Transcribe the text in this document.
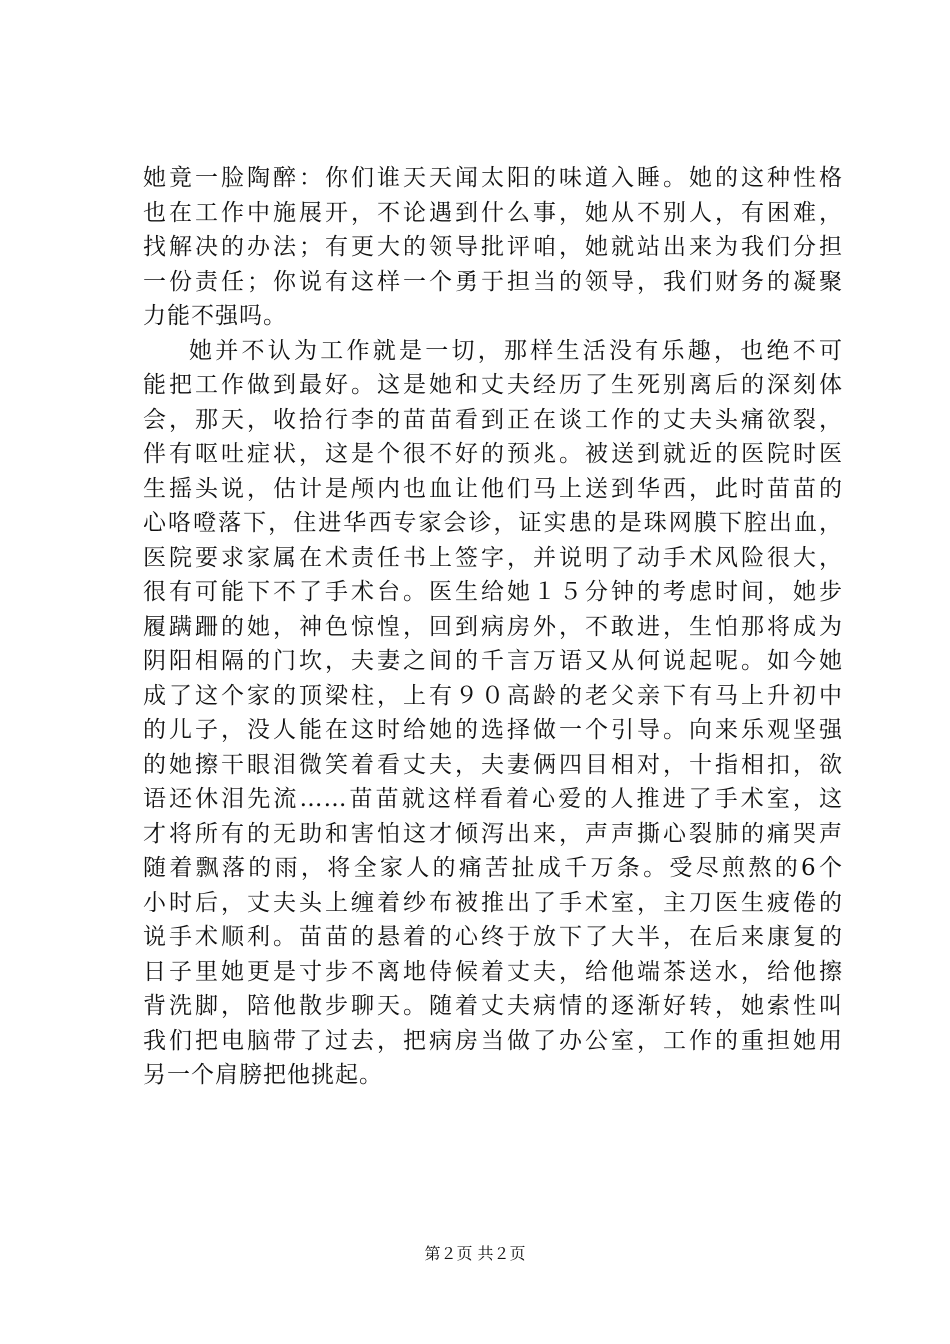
她竟一脸陶醉：你们谁天天闻太阳的味道入睡。她的这种性格
也在工作中施展开，不论遇到什么事，她从不别人，有困难，
找解决的办法；有更大的领导批评咱，她就站出来为我们分担
一份责任；你说有这样一个勇于担当的领导，我们财务的凝聚
力能不强吗。
她并不认为工作就是一切，那样生活没有乐趣，也绝不可
能把工作做到最好。这是她和丈夫经历了生死别离后的深刻体
会，那天，收拾行李的苗苗看到正在谈工作的丈夫头痛欲裂，
伴有呕吐症状，这是个很不好的预兆。被送到就近的医院时医
生摇头说，估计是颅内也血让他们马上送到华西，此时苗苗的
心咯噔落下，住进华西专家会诊，证实患的是珠网膜下腔出血，
医院要求家属在术责任书上签字，并说明了动手术风险很大，
很有可能下不了手术台。医生给她１５分钟的考虑时间，她步
履蹒跚的她，神色惊惶，回到病房外，不敢进，生怕那将成为
阴阳相隔的门坎，夫妻之间的千言万语又从何说起呢。如今她
成了这个家的顶梁柱，上有９０高龄的老父亲下有马上升初中
的儿子，没人能在这时给她的选择做一个引导。向来乐观坚强
的她擦干眼泪微笑着看丈夫，夫妻俩四目相对，十指相扣，欲
语还休泪先流……苗苗就这样看着心爱的人推进了手术室，这
才将所有的无助和害怕这才倾泻出来，声声撕心裂肺的痛哭声
随着飘落的雨，将全家人的痛苦扯成千万条。受尽煎熬的6个
小时后，丈夫头上缠着纱布被推出了手术室，主刀医生疲倦的
说手术顺利。苗苗的悬着的心终于放下了大半，在后来康复的
日子里她更是寸步不离地侍候着丈夫，给他端茶送水，给他擦
背洗脚，陪他散步聊天。随着丈夫病情的逐渐好转，她索性叫
我们把电脑带了过去，把病房当做了办公室，工作的重担她用
另一个肩膀把他挑起。
第２页 共２页
